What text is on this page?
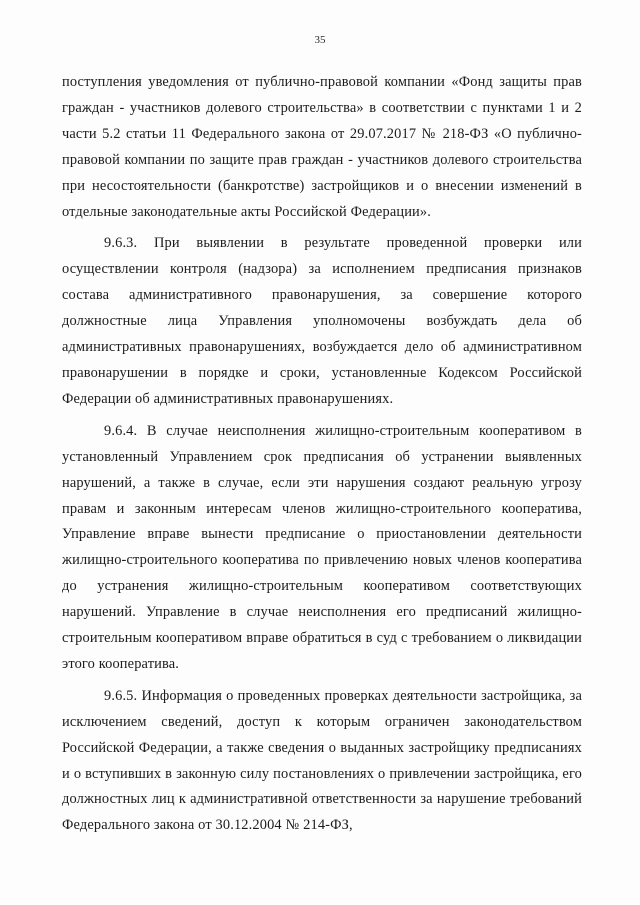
35

поступления уведомления от публично-правовой компании «Фонд защиты прав граждан - участников долевого строительства» в соответствии с пунктами 1 и 2 части 5.2 статьи 11 Федерального закона от 29.07.2017 № 218-ФЗ «О публично-правовой компании по защите прав граждан - участников долевого строительства при несостоятельности (банкротстве) застройщиков и о внесении изменений в отдельные законодательные акты Российской Федерации».

9.6.3. При выявлении в результате проведенной проверки или осуществлении контроля (надзора) за исполнением предписания признаков состава административного правонарушения, за совершение которого должностные лица Управления уполномочены возбуждать дела об административных правонарушениях, возбуждается дело об административном правонарушении в порядке и сроки, установленные Кодексом Российской Федерации об административных правонарушениях.

9.6.4. В случае неисполнения жилищно-строительным кооперативом в установленный Управлением срок предписания об устранении выявленных нарушений, а также в случае, если эти нарушения создают реальную угрозу правам и законным интересам членов жилищно-строительного кооператива, Управление вправе вынести предписание о приостановлении деятельности жилищно-строительного кооператива по привлечению новых членов кооператива до устранения жилищно-строительным кооперативом соответствующих нарушений. Управление в случае неисполнения его предписаний жилищно-строительным кооперативом вправе обратиться в суд с требованием о ликвидации этого кооператива.

9.6.5. Информация о проведенных проверках деятельности застройщика, за исключением сведений, доступ к которым ограничен законодательством Российской Федерации, а также сведения о выданных застройщику предписаниях и о вступивших в законную силу постановлениях о привлечении застройщика, его должностных лиц к административной ответственности за нарушение требований Федерального закона от 30.12.2004 № 214-ФЗ,
